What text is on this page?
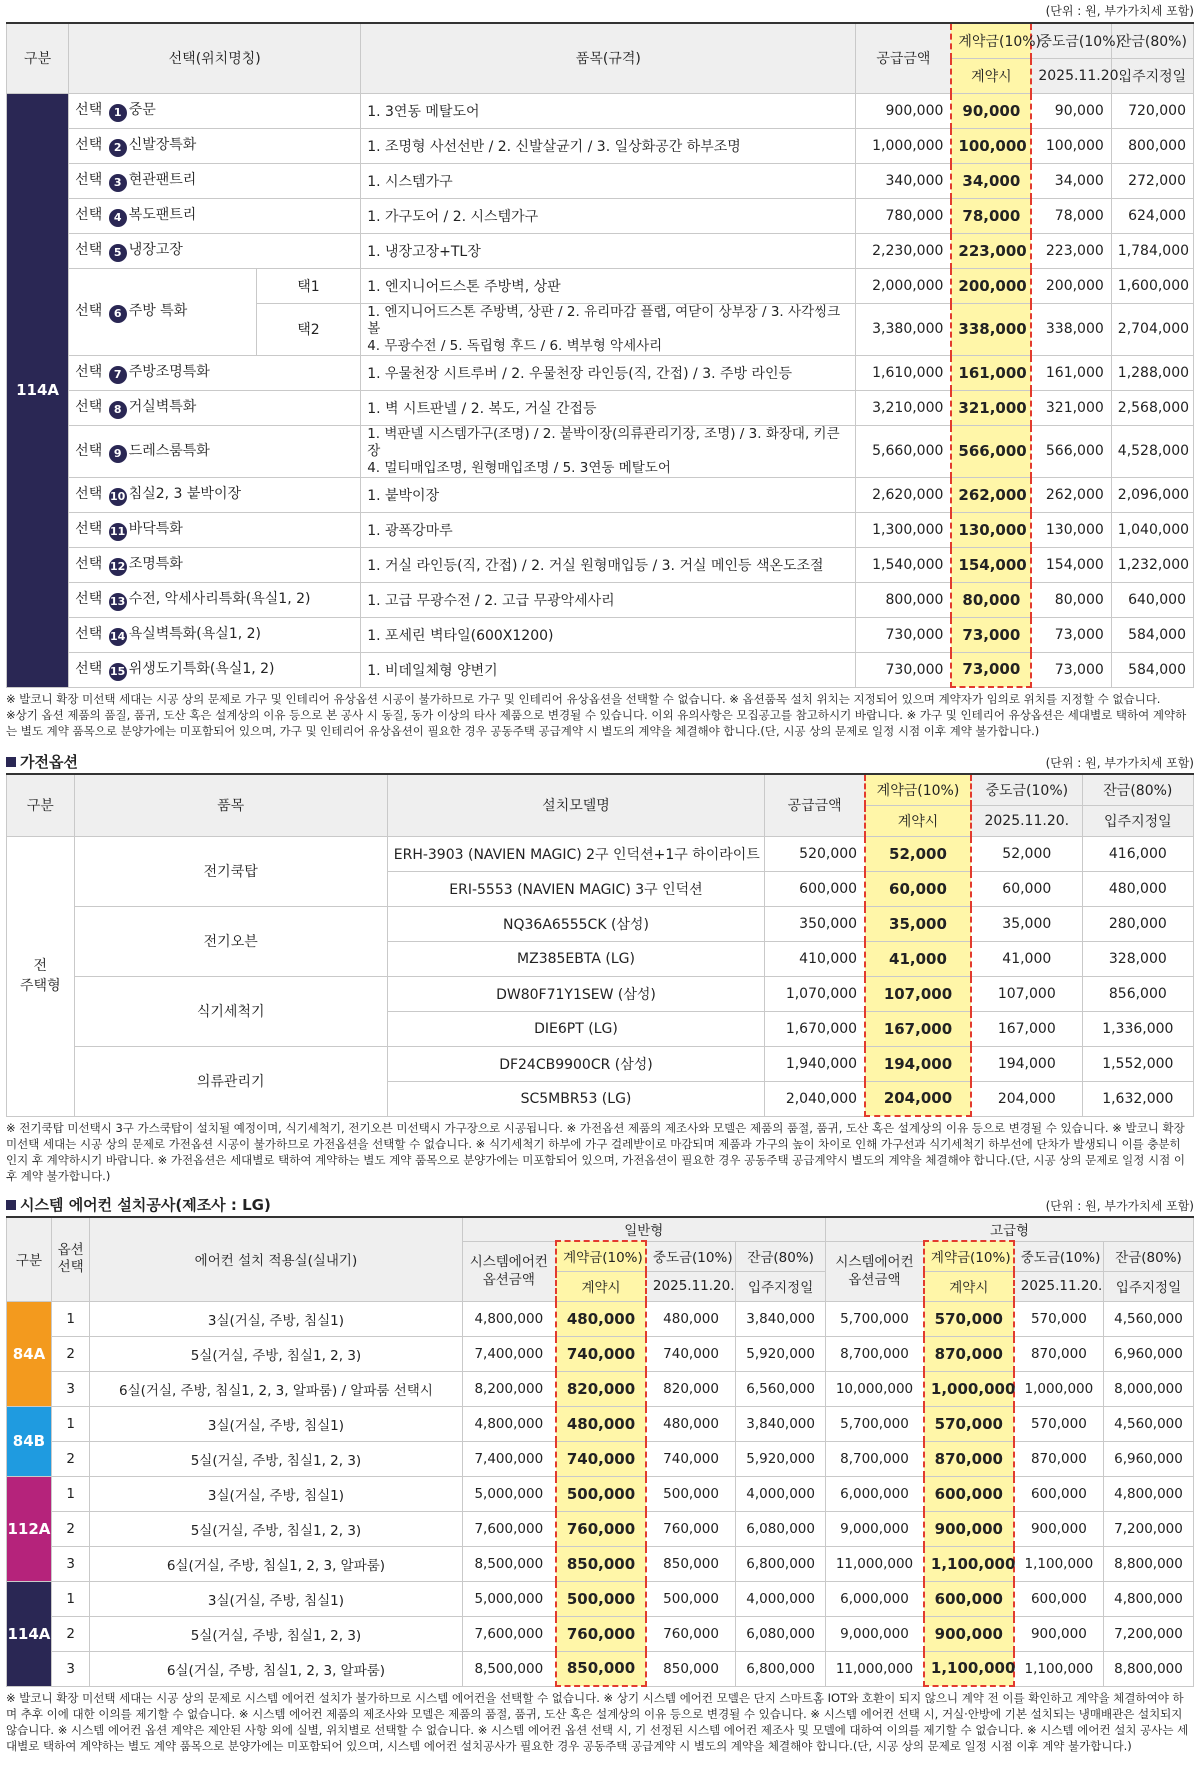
(단위 : 원, 부가가치세 포함)
구분	선택(위치명칭)		품목(규격)	공급금액	계약금(10%)	중도금(10%)	잔금(80%)
					계약시	2025.11.20.	입주지정일
114A	선택 1 중문		1. 3연동 메탈도어	900,000	90,000	90,000	720,000
	선택 2 신발장특화		1. 조명형 사선선반 / 2. 신발살균기 / 3. 일상화공간 하부조명	1,000,000	100,000	100,000	800,000
	선택 3 현관팬트리		1. 시스템가구	340,000	34,000	34,000	272,000
	선택 4 복도팬트리		1. 가구도어 / 2. 시스템가구	780,000	78,000	78,000	624,000
	선택 5 냉장고장		1. 냉장고장+TL장	2,230,000	223,000	223,000	1,784,000
	선택 6 주방 특화	택1	1. 엔지니어드스톤 주방벽, 상판	2,000,000	200,000	200,000	1,600,000
		택2	1. 엔지니어드스톤 주방벽, 상판 / 2. 유리마감 플랩, 여닫이 상부장 / 3. 사각씽크볼
4. 무광수전 / 5. 독립형 후드 / 6. 벽부형 악세사리	3,380,000	338,000	338,000	2,704,000
	선택 7 주방조명특화		1. 우물천장 시트루버 / 2. 우물천장 라인등(직, 간접) / 3. 주방 라인등	1,610,000	161,000	161,000	1,288,000
	선택 8 거실벽특화		1. 벽 시트판넬 / 2. 복도, 거실 간접등	3,210,000	321,000	321,000	2,568,000
	선택 9 드레스룸특화		1. 벽판넬 시스템가구(조명) / 2. 붙박이장(의류관리기장, 조명) / 3. 화장대, 키큰장
4. 멀티매입조명, 원형매입조명 / 5. 3연동 메탈도어	5,660,000	566,000	566,000	4,528,000
	선택 10 침실2, 3 붙박이장		1. 붙박이장	2,620,000	262,000	262,000	2,096,000
	선택 11 바닥특화		1. 광폭강마루	1,300,000	130,000	130,000	1,040,000
	선택 12 조명특화		1. 거실 라인등(직, 간접) / 2. 거실 원형매입등 / 3. 거실 메인등 색온도조절	1,540,000	154,000	154,000	1,232,000
	선택 13 수전, 악세사리특화(욕실1, 2)		1. 고급 무광수전 / 2. 고급 무광악세사리	800,000	80,000	80,000	640,000
	선택 14 욕실벽특화(욕실1, 2)		1. 포세린 벽타일(600X1200)	730,000	73,000	73,000	584,000
	선택 15 위생도기특화(욕실1, 2)		1. 비데일체형 양변기	730,000	73,000	73,000	584,000
※ 발코니 확장 미선택 세대는 시공 상의 문제로 가구 및 인테리어 유상옵션 시공이 불가하므로 가구 및 인테리어 유상옵션을 선택할 수 없습니다. ※ 옵션품목 설치 위치는 지정되어 있으며 계약자가 임의로 위치를 지정할 수 없습니다.
※상기 옵션 제품의 품질, 품귀, 도산 혹은 설계상의 이유 등으로 본 공사 시 동질, 동가 이상의 타사 제품으로 변경될 수 있습니다. 이외 유의사항은 모집공고를 참고하시기 바랍니다. ※ 가구 및 인테리어 유상옵션은 세대별로 택하여 계약하는 별도 계약 품목으로 분양가에는 미포함되어 있으며, 가구 및 인테리어 유상옵션이 필요한 경우 공동주택 공급계약 시 별도의 계약을 체결해야 합니다.(단, 시공 상의 문제로 일정 시점 이후 계약 불가합니다.)
가전옵션	(단위 : 원, 부가가치세 포함)
구분	품목	설치모델명	공급금액	계약금(10%)	중도금(10%)	잔금(80%)
				계약시	2025.11.20.	입주지정일

전
주택형	전기쿡탑	ERH-3903 (NAVIEN MAGIC) 2구 인덕션+1구 하이라이트	520,000	52,000	52,000	416,000
		ERI-5553 (NAVIEN MAGIC) 3구 인덕션	600,000	60,000	60,000	480,000
	전기오븐	NQ36A6555CK (삼성)	350,000	35,000	35,000	280,000
		MZ385EBTA (LG)	410,000	41,000	41,000	328,000
	식기세척기	DW80F71Y1SEW (삼성)	1,070,000	107,000	107,000	856,000
		DIE6PT (LG)	1,670,000	167,000	167,000	1,336,000
	의류관리기	DF24CB9900CR (삼성)	1,940,000	194,000	194,000	1,552,000
		SC5MBR53 (LG)	2,040,000	204,000	204,000	1,632,000
※ 전기쿡탑 미선택시 3구 가스쿡탑이 설치될 예정이며, 식기세척기, 전기오븐 미선택시 가구장으로 시공됩니다. ※ 가전옵션 제품의 제조사와 모델은 제품의 품절, 품귀, 도산 혹은 설계상의 이유 등으로 변경될 수 있습니다. ※ 발코니 확장 미선택 세대는 시공 상의 문제로 가전옵션 시공이 불가하므로 가전옵션을 선택할 수 없습니다. ※ 식기세척기 하부에 가구 걸레받이로 마감되며 제품과 가구의 높이 차이로 인해 가구선과 식기세척기 하부선에 단차가 발생되니 이를 충분히 인지 후 계약하시기 바랍니다. ※ 가전옵션은 세대별로 택하여 계약하는 별도 계약 품목으로 분양가에는 미포함되어 있으며, 가전옵션이 필요한 경우 공동주택 공급계약시 별도의 계약을 체결해야 합니다.(단, 시공 상의 문제로 일정 시점 이후 계약 불가합니다.)
시스템 에어컨 설치공사(제조사 : LG)	(단위 : 원, 부가가치세 포함)
구분	옵션 선택	에어컨 설치 적용실(실내기)	일반형				고급형			
			시스템에어컨 옵션금액	계약금(10%)	중도금(10%)	잔금(80%)	시스템에어컨 옵션금액	계약금(10%)	중도금(10%)	잔금(80%)
				계약시	2025.11.20.	입주지정일		계약시	2025.11.20.	입주지정일
84A	1	3실(거실, 주방, 침실1)	4,800,000	480,000	480,000	3,840,000	5,700,000	570,000	570,000	4,560,000
	2	5실(거실, 주방, 침실1, 2, 3)	7,400,000	740,000	740,000	5,920,000	8,700,000	870,000	870,000	6,960,000
	3	6실(거실, 주방, 침실1, 2, 3, 알파룸) / 알파룸 선택시	8,200,000	820,000	820,000	6,560,000	10,000,000	1,000,000	1,000,000	8,000,000
84B	1	3실(거실, 주방, 침실1)	4,800,000	480,000	480,000	3,840,000	5,700,000	570,000	570,000	4,560,000
	2	5실(거실, 주방, 침실1, 2, 3)	7,400,000	740,000	740,000	5,920,000	8,700,000	870,000	870,000	6,960,000
112A	1	3실(거실, 주방, 침실1)	5,000,000	500,000	500,000	4,000,000	6,000,000	600,000	600,000	4,800,000
	2	5실(거실, 주방, 침실1, 2, 3)	7,600,000	760,000	760,000	6,080,000	9,000,000	900,000	900,000	7,200,000
	3	6실(거실, 주방, 침실1, 2, 3, 알파룸)	8,500,000	850,000	850,000	6,800,000	11,000,000	1,100,000	1,100,000	8,800,000
114A	1	3실(거실, 주방, 침실1)	5,000,000	500,000	500,000	4,000,000	6,000,000	600,000	600,000	4,800,000
	2	5실(거실, 주방, 침실1, 2, 3)	7,600,000	760,000	760,000	6,080,000	9,000,000	900,000	900,000	7,200,000
	3	6실(거실, 주방, 침실1, 2, 3, 알파룸)	8,500,000	850,000	850,000	6,800,000	11,000,000	1,100,000	1,100,000	8,800,000
※ 발코니 확장 미선택 세대는 시공 상의 문제로 시스템 에어컨 설치가 불가하므로 시스템 에어컨을 선택할 수 없습니다. ※ 상기 시스템 에어컨 모델은 단지 스마트홈 IOT와 호환이 되지 않으니 계약 전 이를 확인하고 계약을 체결하여야 하며 추후 이에 대한 이의를 제기할 수 없습니다. ※ 시스템 에어컨 제품의 제조사와 모델은 제품의 품절, 품귀, 도산 혹은 설계상의 이유 등으로 변경될 수 있습니다. ※ 시스템 에어컨 선택 시, 거실·안방에 기본 설치되는 냉매배관은 설치되지 않습니다. ※ 시스템 에어컨 옵션 계약은 제안된 사항 외에 실별, 위치별로 선택할 수 없습니다. ※ 시스템 에어컨 옵션 선택 시, 기 선정된 시스템 에어컨 제조사 및 모델에 대하여 이의를 제기할 수 없습니다. ※ 시스템 에어컨 설치 공사는 세대별로 택하여 계약하는 별도 계약 품목으로 분양가에는 미포함되어 있으며, 시스템 에어컨 설치공사가 필요한 경우 공동주택 공급계약 시 별도의 계약을 체결해야 합니다.(단, 시공 상의 문제로 일정 시점 이후 계약 불가합니다.)
